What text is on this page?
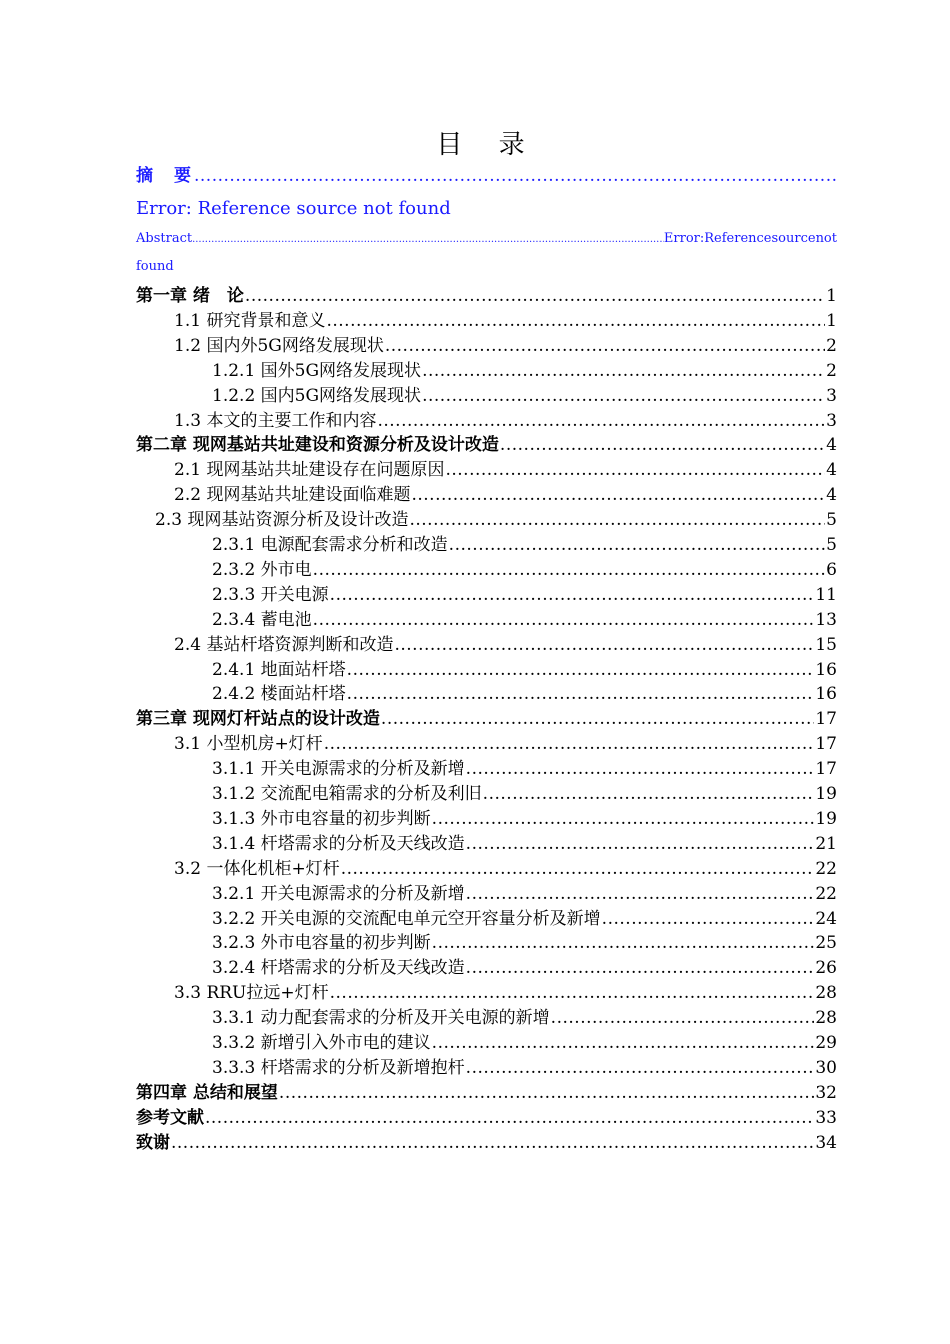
目 录
摘　要
.....
Error: Reference source not found
Abstract .....	Error: Reference source not
found
第一章 绪　论 .....	1
1.1 研究背景和意义 .....	1
1.2 国内外5G网络发展现状 .....	2
1.2.1 国外5G网络发展现状 .....	2
1.2.2 国内5G网络发展现状 .....	3
1.3 本文的主要工作和内容 .....	3
第二章 现网基站共址建设和资源分析及设计改造 .....	4
2.1 现网基站共址建设存在问题原因 .....	4
2.2 现网基站共址建设面临难题 .....	4
2.3 现网基站资源分析及设计改造 .....	5
2.3.1 电源配套需求分析和改造 .....	5
2.3.2 外市电 .....	6
2.3.3 开关电源 .....	11
2.3.4 蓄电池 .....	13
2.4 基站杆塔资源判断和改造 .....	15
2.4.1 地面站杆塔 .....	16
2.4.2 楼面站杆塔 .....	16
第三章 现网灯杆站点的设计改造 .....	17
3.1 小型机房+灯杆 .....	17
3.1.1 开关电源需求的分析及新增 .....	17
3.1.2 交流配电箱需求的分析及利旧 .....	19
3.1.3 外市电容量的初步判断 .....	19
3.1.4 杆塔需求的分析及天线改造 .....	21
3.2 一体化机柜+灯杆 .....	22
3.2.1 开关电源需求的分析及新增 .....	22
3.2.2 开关电源的交流配电单元空开容量分析及新增 .....	24
3.2.3 外市电容量的初步判断 .....	25
3.2.4 杆塔需求的分析及天线改造 .....	26
3.3 RRU拉远+灯杆 .....	28
3.3.1 动力配套需求的分析及开关电源的新增 .....	28
3.3.2 新增引入外市电的建议 .....	29
3.3.3 杆塔需求的分析及新增抱杆 .....	30
第四章 总结和展望 .....	32
参考文献 .....	33
致谢 .....	34
